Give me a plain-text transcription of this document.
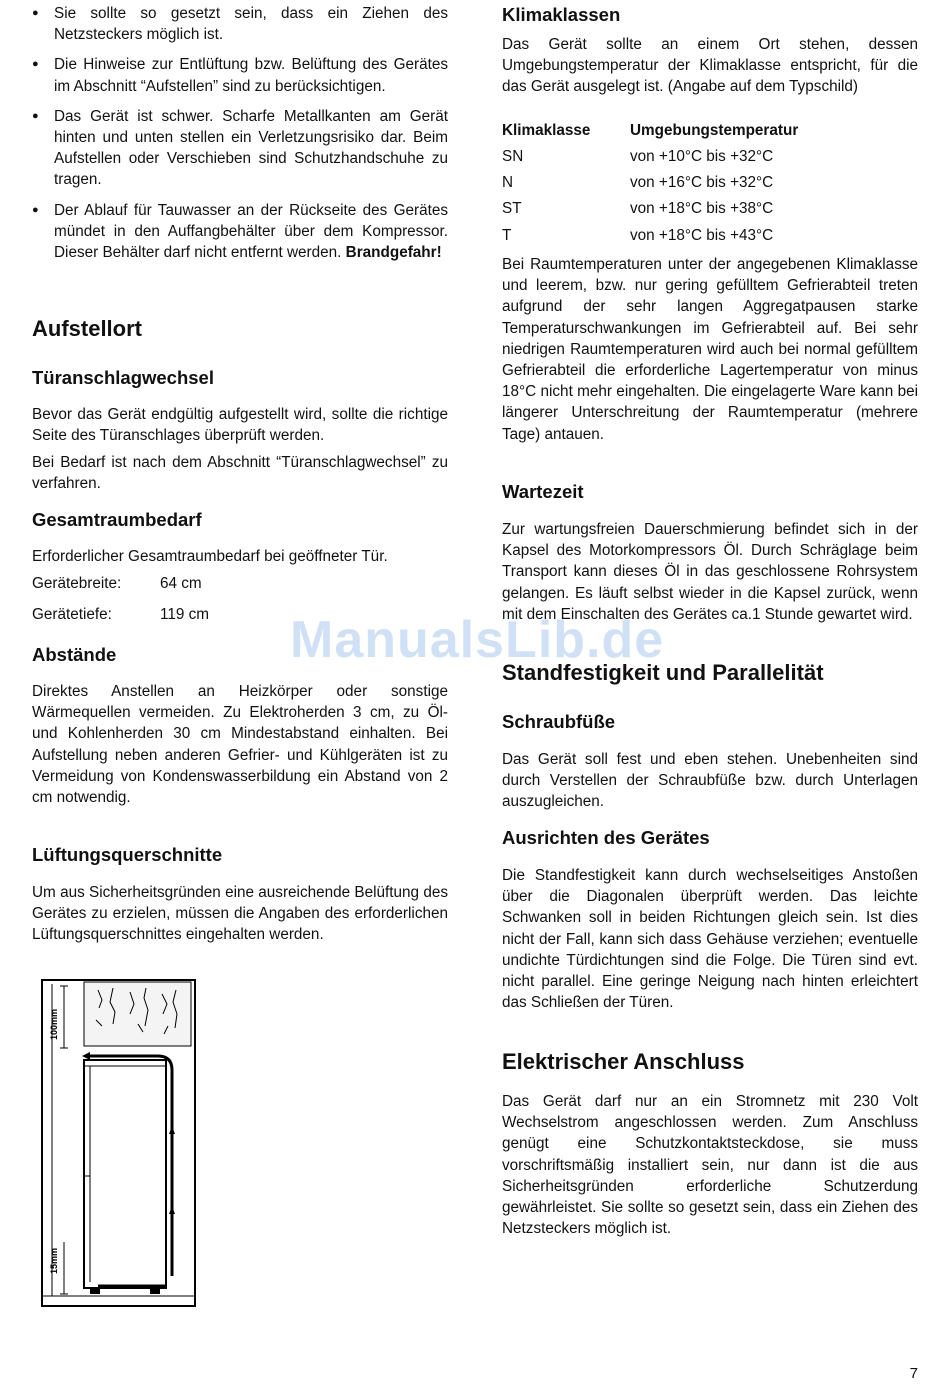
● Sie sollte so gesetzt sein, dass ein Ziehen des Netzsteckers möglich ist.
● Die Hinweise zur Entlüftung bzw. Belüftung des Gerätes im Abschnitt “Aufstellen” sind zu berücksichtigen.
● Das Gerät ist schwer. Scharfe Metallkanten am Gerät hinten und unten stellen ein Verletzungsrisiko dar. Beim Aufstellen oder Verschieben sind Schutzhandschuhe zu tragen.
● Der Ablauf für Tauwasser an der Rückseite des Gerätes mündet in den Auffangbehälter über dem Kompressor. Dieser Behälter darf nicht entfernt werden. Brandgefahr!
Aufstellort
Türanschlagwechsel

Bevor das Gerät endgültig aufgestellt wird, sollte die richtige Seite des Türanschlages überprüft werden.

Bei Bedarf ist nach dem Abschnitt “Türanschlagwechsel” zu verfahren.

Gesamtraumbedarf

Erforderlicher Gesamtraumbedarf bei geöffneter Tür.

Gerätebreite:	64 cm
Gerätetiefe:	119 cm
Abstände

Direktes Anstellen an Heizkörper oder sonstige Wärmequellen vermeiden. Zu Elektroherden 3 cm, zu Öl- und Kohlenherden 30 cm Mindestabstand einhalten. Bei Aufstellung neben anderen Gefrier- und Kühlgeräten ist zu Vermeidung von Kondenswasserbildung ein Abstand von 2 cm notwendig.

Lüftungsquerschnitte

Um aus Sicherheitsgründen eine ausreichende Belüftung des Gerätes zu erzielen, müssen die Angaben des erforderlichen Lüftungsquerschnittes eingehalten werden.

100mm
15mm
Klimaklassen

Das Gerät sollte an einem Ort stehen, dessen Umgebungstemperatur der Klimaklasse entspricht, für die das Gerät ausgelegt ist. (Angabe auf dem Typschild)

Klimaklasse	Umgebungstemperatur
SN	von +10°C bis +32°C
N	von +16°C bis +32°C
ST	von +18°C bis +38°C
T	von +18°C bis +43°C

Bei Raumtemperaturen unter der angegebenen Klimaklasse und leerem, bzw. nur gering gefülltem Gefrierabteil treten aufgrund der sehr langen Aggregatpausen starke Temperaturschwankungen im Gefrierabteil auf. Bei sehr niedrigen Raumtemperaturen wird auch bei normal gefülltem Gefrierabteil die erforderliche Lagertemperatur von minus 18°C nicht mehr eingehalten. Die eingelagerte Ware kann bei längerer Unterschreitung der Raumtemperatur (mehrere Tage) antauen.

Wartezeit

Zur wartungsfreien Dauerschmierung befindet sich in der Kapsel des Motorkompressors Öl. Durch Schräglage beim Transport kann dieses Öl in das geschlossene Rohrsystem gelangen. Es läuft selbst wieder in die Kapsel zurück, wenn mit dem Einschalten des Gerätes ca.1 Stunde gewartet wird.

Standfestigkeit und Parallelität
Schraubfüße

Das Gerät soll fest und eben stehen. Unebenheiten sind durch Verstellen der Schraubfüße bzw. durch Unterlagen auszugleichen.

Ausrichten des Gerätes

Die Standfestigkeit kann durch wechselseitiges Anstoßen über die Diagonalen überprüft werden. Das leichte Schwanken soll in beiden Richtungen gleich sein. Ist dies nicht der Fall, kann sich dass Gehäuse verziehen; eventuelle undichte Türdichtungen sind die Folge. Die Türen sind evt. nicht parallel. Eine geringe Neigung nach hinten erleichtert das Schließen der Türen.

Elektrischer Anschluss

Das Gerät darf nur an ein Stromnetz mit 230 Volt Wechselstrom angeschlossen werden. Zum Anschluss genügt eine Schutzkontaktsteckdose, sie muss vorschriftsmäßig installiert sein, nur dann ist die aus Sicherheitsgründen erforderliche Schutzerdung gewährleistet. Sie sollte so gesetzt sein, dass ein Ziehen des Netzsteckers möglich ist.

ManualsLib.de
7
